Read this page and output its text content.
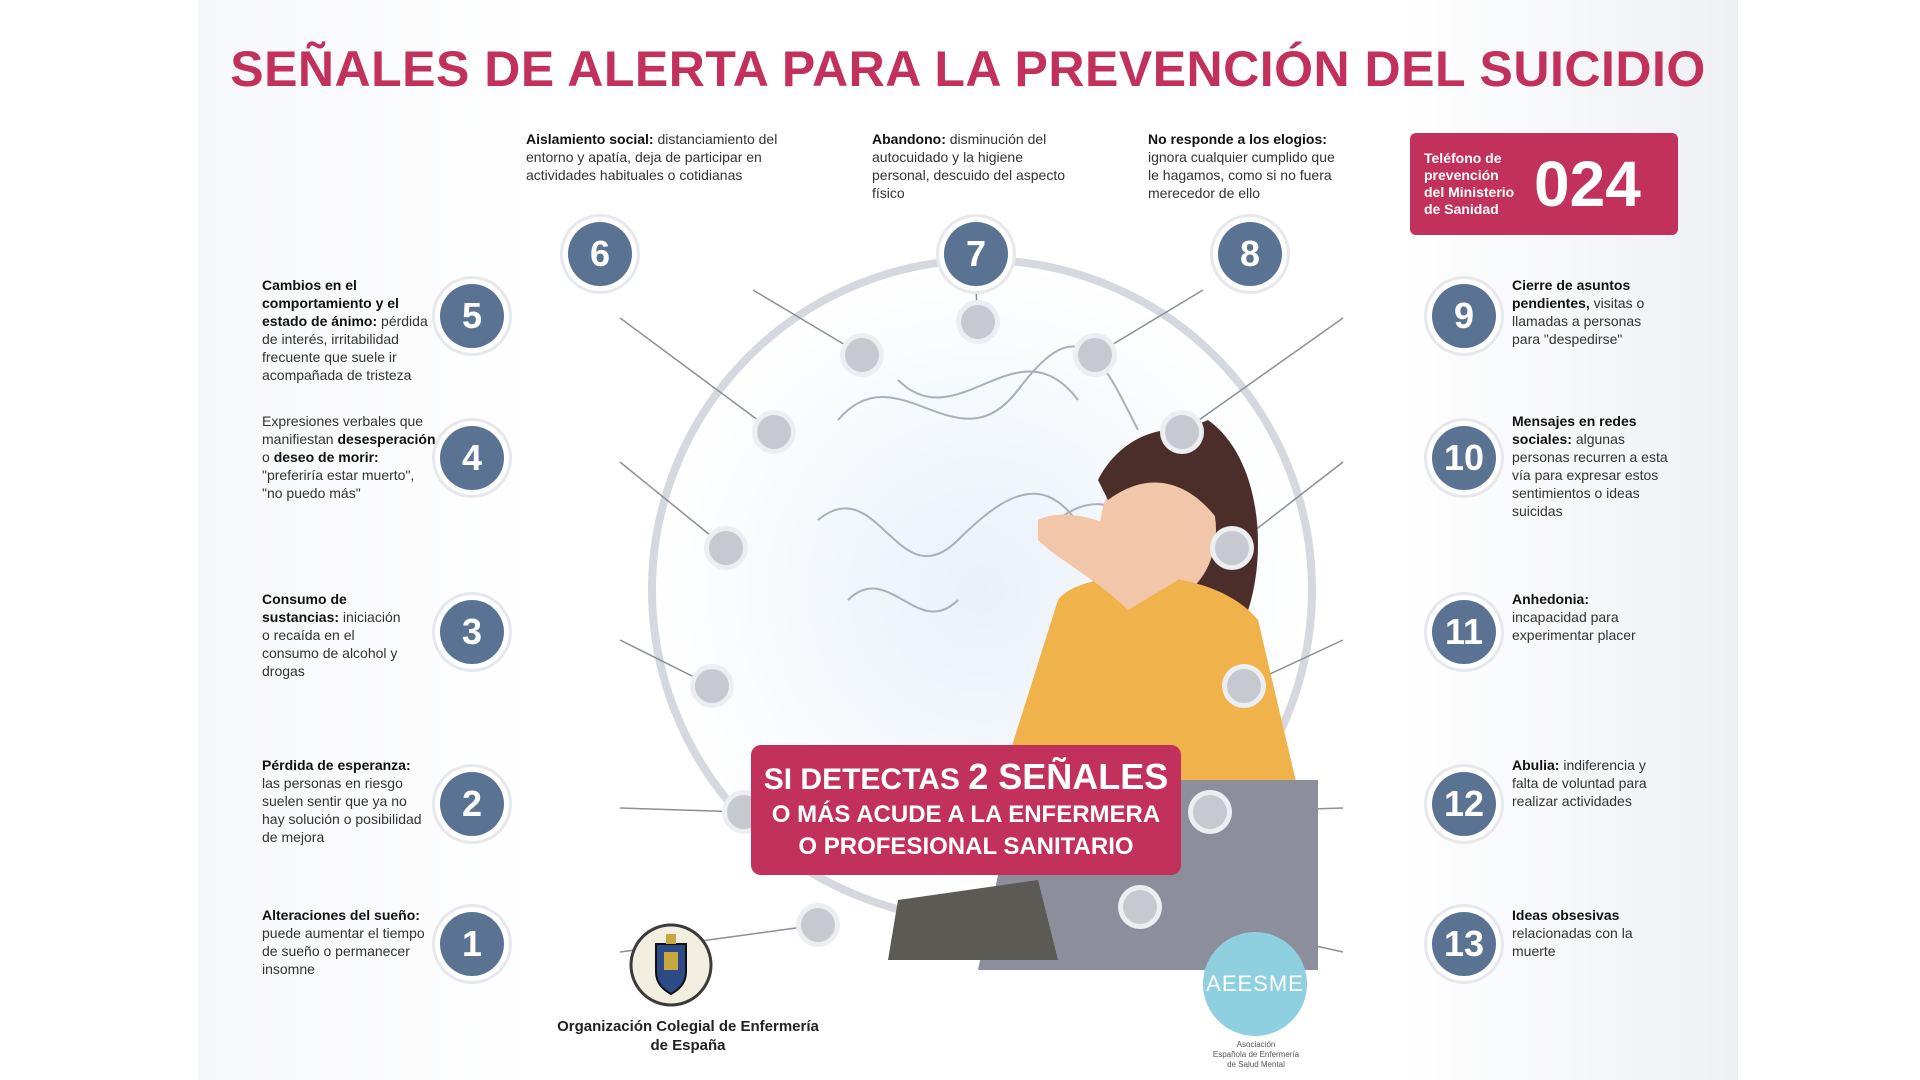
SEÑALES DE ALERTA PARA LA PREVENCIÓN DEL SUICIDIO
Teléfono de
prevención
del Ministerio
de Sanidad 024
Alteraciones del sueño: puede aumentar el tiempo de sueño o permanecer insomne
1
Pérdida de esperanza: las personas en riesgo suelen sentir que ya no hay solución o posibilidad de mejora
2
Consumo de sustancias: iniciación o recaída en el consumo de alcohol y drogas
3
Expresiones verbales que manifiestan desesperación o deseo de morir: "preferiría estar muerto", "no puedo más"
4
Cambios en el comportamiento y el estado de ánimo: pérdida de interés, irritabilidad frecuente que suele ir acompañada de tristeza
5
Aislamiento social: distanciamiento del entorno y apatía, deja de participar en actividades habituales o cotidianas
6
Abandono: disminución del autocuidado y la higiene personal, descuido del aspecto físico
7
No responde a los elogios: ignora cualquier cumplido que le hagamos, como si no fuera merecedor de ello
8
9
Cierre de asuntos pendientes, visitas o llamadas a personas para "despedirse"
10
Mensajes en redes sociales: algunas personas recurren a esta vía para expresar estos sentimientos o ideas suicidas
11
Anhedonia: incapacidad para experimentar placer
12
Abulia: indiferencia y falta de voluntad para realizar actividades
13
Ideas obsesivas relacionadas con la muerte
SI DETECTAS 2 SEÑALES
O MÁS ACUDE A LA ENFERMERA
O PROFESIONAL SANITARIO
Organización Colegial de Enfermería
de España
AEESME
Asociación
Española de Enfermería
de Salud Mental
